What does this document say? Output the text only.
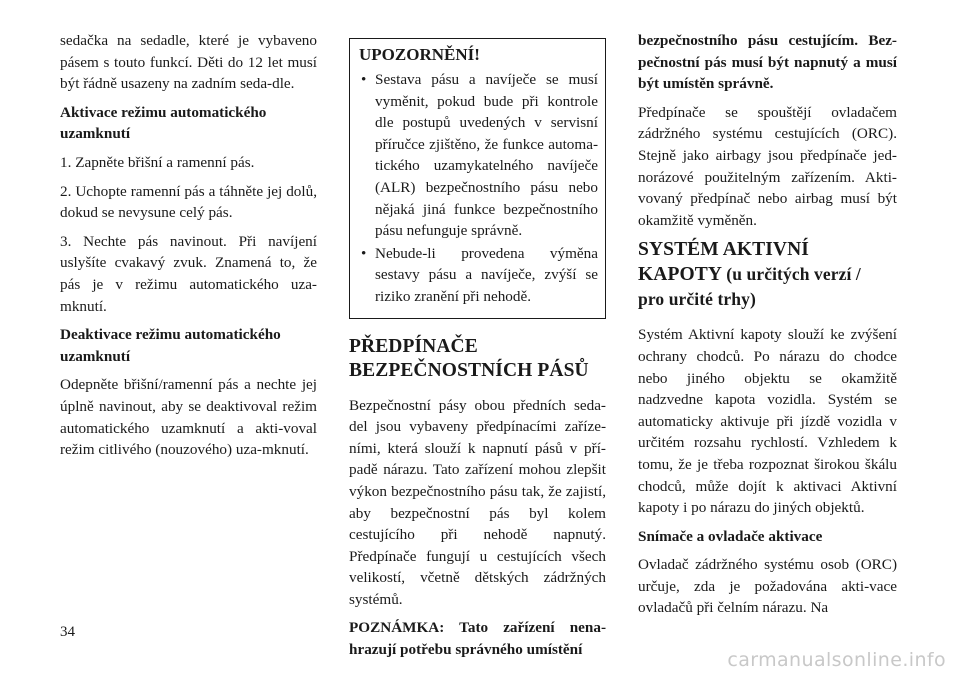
sedačka na sedadle, které je vybaveno pásem s touto funkcí. Děti do 12 let musí být řádně usazeny na zadním seda-dle.

Aktivace režimu automatického uzamknutí

1. Zapněte břišní a ramenní pás.

2. Uchopte ramenní pás a táhněte jej dolů, dokud se nevysune celý pás.

3. Nechte pás navinout. Při navíjení uslyšíte cvakavý zvuk. Znamená to, že pás je v režimu automatického uza-mknutí.

Deaktivace režimu automatického uzamknutí

Odepněte břišní/ramenní pás a nechte jej úplně navinout, aby se deaktivoval režim automatického uzamknutí a akti-voval režim citlivého (nouzového) uza-mknutí.

UPOZORNĚNÍ!
• Sestava pásu a navíječe se musí vyměnit, pokud bude při kontrole dle postupů uvedených v servisní příručce zjištěno, že funkce automa-tického uzamykatelného navíječe (ALR) bezpečnostního pásu nebo nějaká jiná funkce bezpečnostního pásu nefunguje správně.
• Nebude-li provedena výměna sestavy pásu a navíječe, zvýší se riziko zranění při nehodě.
PŘEDPÍNAČE
BEZPEČNOSTNÍCH PÁSŮ

Bezpečnostní pásy obou předních seda-del jsou vybaveny předpínacími zaříze-ními, která slouží k napnutí pásů v pří-padě nárazu. Tato zařízení mohou zlepšit výkon bezpečnostního pásu tak, že zajistí, aby bezpečnostní pás byl kolem cestujícího při nehodě napnutý. Předpínače fungují u cestujících všech velikostí, včetně dětských zádržných systémů.

POZNÁMKA: Tato zařízení nena-hrazují potřebu správného umístění

bezpečnostního pásu cestujícím. Bez-pečnostní pás musí být napnutý a musí být umístěn správně.

Předpínače se spouštějí ovladačem zádržného systému cestujících (ORC). Stejně jako airbagy jsou předpínače jed-norázové použitelným zařízením. Akti-vovaný předpínač nebo airbag musí být okamžitě vyměněn.

SYSTÉM AKTIVNÍ
KAPOTY (u určitých verzí /
pro určité trhy)

Systém Aktivní kapoty slouží ke zvýšení ochrany chodců. Po nárazu do chodce nebo jiného objektu se okamžitě nadzvedne kapota vozidla. Systém se automaticky aktivuje při jízdě vozidla v určitém rozsahu rychlostí. Vzhledem k tomu, že je třeba rozpoznat širokou škálu chodců, může dojít k aktivaci Aktivní kapoty i po nárazu do jiných objektů.

Snímače a ovladače aktivace

Ovladač zádržného systému osob (ORC) určuje, zda je požadována akti-vace ovladačů při čelním nárazu. Na

34
carmanualsonline.info
